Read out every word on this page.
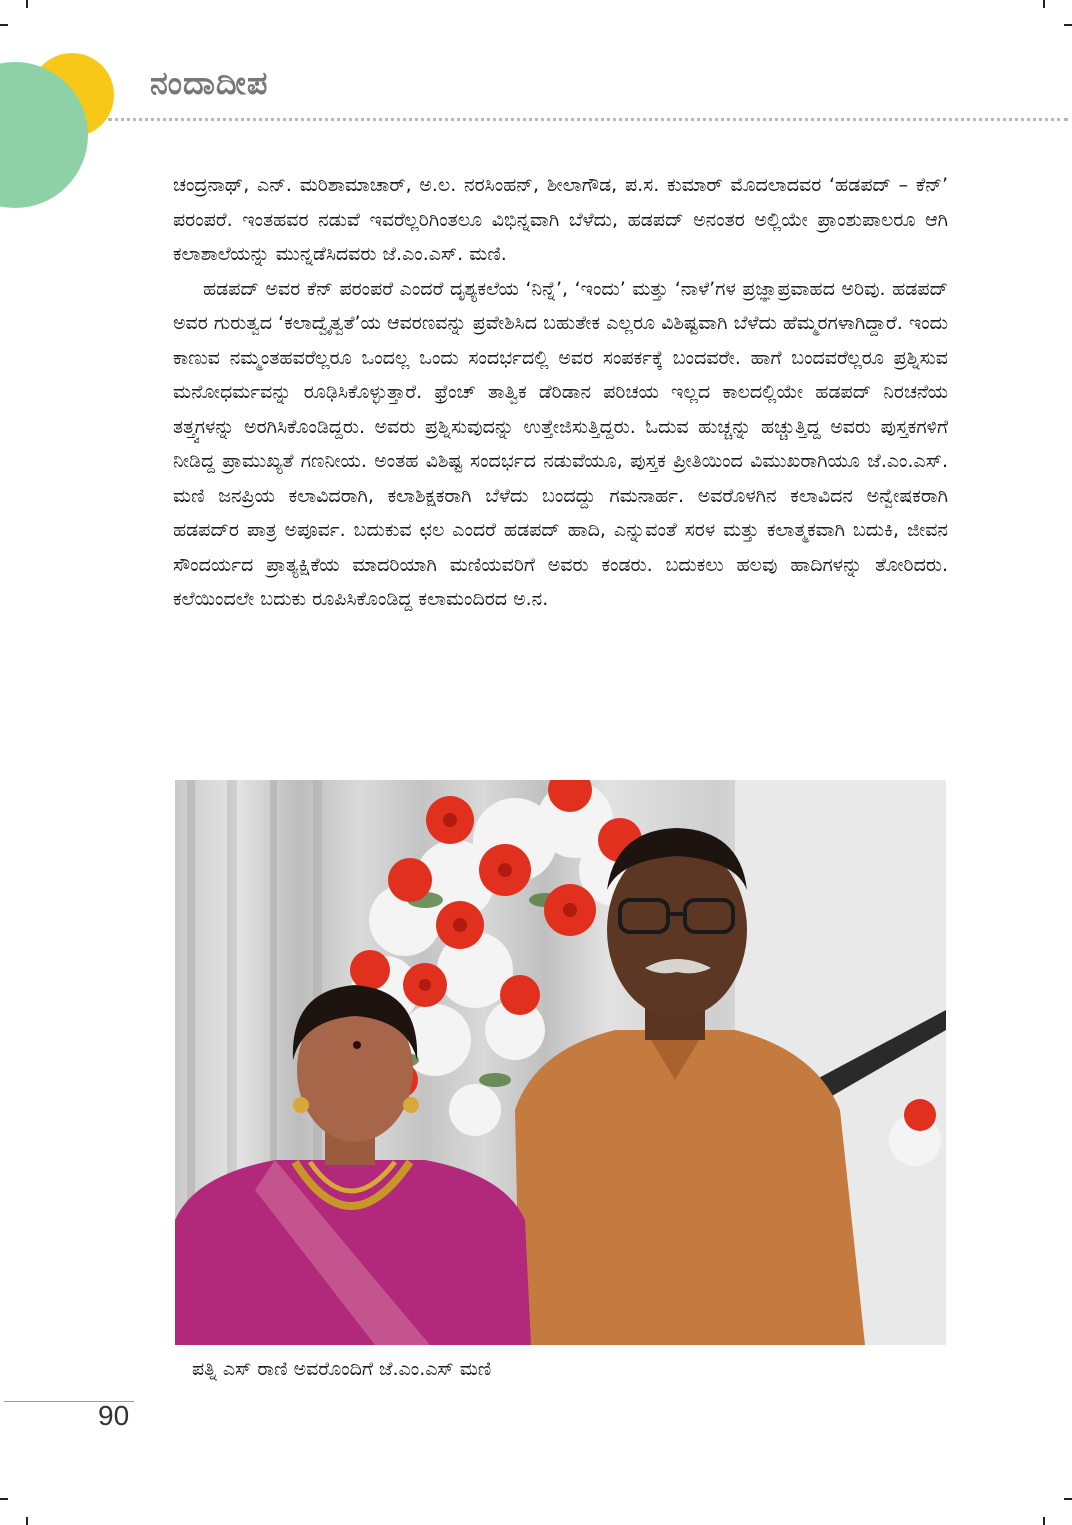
ನಂದಾದೀಪ

ಚಂದ್ರನಾಥ್, ಎನ್. ಮರಿಶಾಮಾಚಾರ್, ಅ.ಲ. ನರಸಿಂಹನ್, ಶೀಲಾಗೌಡ, ಪ.ಸ. ಕುಮಾರ್ ಮೊದಲಾದವರ ‘ಹಡಪದ್ – ಕೆನ್’ ಪರಂಪರೆ. ಇಂತಹವರ ನಡುವೆ ಇವರೆಲ್ಲರಿಗಿಂತಲೂ ವಿಭಿನ್ನವಾಗಿ ಬೆಳೆದು, ಹಡಪದ್ ಅನಂತರ ಅಲ್ಲಿಯೇ ಪ್ರಾಂಶುಪಾಲರೂ ಆಗಿ ಕಲಾಶಾಲೆಯನ್ನು ಮುನ್ನಡೆಸಿದವರು ಜೆ.ಎಂ.ಎಸ್. ಮಣಿ.

ಹಡಪದ್ ಅವರ ಕೆನ್ ಪರಂಪರೆ ಎಂದರೆ ದೃಶ್ಯಕಲೆಯ ‘ನಿನ್ನೆ’, ‘ಇಂದು’ ಮತ್ತು ‘ನಾಳೆ’ಗಳ ಪ್ರಜ್ಞಾಪ್ರವಾಹದ ಅರಿವು. ಹಡಪದ್ ಅವರ ಗುರುತ್ವದ ‘ಕಲಾದ್ವೈತ್ವತೆ’ಯ ಆವರಣವನ್ನು ಪ್ರವೇಶಿಸಿದ ಬಹುತೇಕ ಎಲ್ಲರೂ ವಿಶಿಷ್ಟವಾಗಿ ಬೆಳೆದು ಹೆಮ್ಮರಗಳಾಗಿದ್ದಾರೆ. ಇಂದು ಕಾಣುವ ನಮ್ಮಂತಹವರೆಲ್ಲರೂ ಒಂದಲ್ಲ ಒಂದು ಸಂದರ್ಭದಲ್ಲಿ ಅವರ ಸಂಪರ್ಕಕ್ಕೆ ಬಂದವರೇ. ಹಾಗೆ ಬಂದವರೆಲ್ಲರೂ ಪ್ರಶ್ನಿಸುವ ಮನೋಧರ್ಮವನ್ನು ರೂಢಿಸಿಕೊಳ್ಳುತ್ತಾರೆ. ಫ್ರೆಂಚ್ ತಾತ್ವಿಕ ಡೆರಿಡಾನ ಪರಿಚಯ ಇಲ್ಲದ ಕಾಲದಲ್ಲಿಯೇ ಹಡಪದ್ ನಿರಚನೆಯ ತತ್ತ್ವಗಳನ್ನು ಅರಗಿಸಿಕೊಂಡಿದ್ದರು. ಅವರು ಪ್ರಶ್ನಿಸುವುದನ್ನು ಉತ್ತೇಜಿಸುತ್ತಿದ್ದರು. ಓದುವ ಹುಚ್ಚನ್ನು ಹಚ್ಚುತ್ತಿದ್ದ ಅವರು ಪುಸ್ತಕಗಳಿಗೆ ನೀಡಿದ್ದ ಪ್ರಾಮುಖ್ಯತೆ ಗಣನೀಯ. ಅಂತಹ ವಿಶಿಷ್ಟ ಸಂದರ್ಭದ ನಡುವೆಯೂ, ಪುಸ್ತಕ ಪ್ರೀತಿಯಿಂದ ವಿಮುಖರಾಗಿಯೂ ಜೆ.ಎಂ.ಎಸ್. ಮಣಿ ಜನಪ್ರಿಯ ಕಲಾವಿದರಾಗಿ, ಕಲಾಶಿಕ್ಷಕರಾಗಿ ಬೆಳೆದು ಬಂದದ್ದು ಗಮನಾರ್ಹ. ಅವರೊಳಗಿನ ಕಲಾವಿದನ ಅನ್ವೇಷಕರಾಗಿ ಹಡಪದ್‌ರ ಪಾತ್ರ ಅಪೂರ್ವ. ಬದುಕುವ ಛಲ ಎಂದರೆ ಹಡಪದ್ ಹಾದಿ, ಎನ್ನುವಂತೆ ಸರಳ ಮತ್ತು ಕಲಾತ್ಮಕವಾಗಿ ಬದುಕಿ, ಜೀವನ ಸೌಂದರ್ಯದ ಪ್ರಾತ್ಯಕ್ಷಿಕೆಯ ಮಾದರಿಯಾಗಿ ಮಣಿಯವರಿಗೆ ಅವರು ಕಂಡರು. ಬದುಕಲು ಹಲವು ಹಾದಿಗಳನ್ನು ತೋರಿದರು. ಕಲೆಯಿಂದಲೇ ಬದುಕು ರೂಪಿಸಿಕೊಂಡಿದ್ದ ಕಲಾಮಂದಿರದ ಅ.ನ.

ಪತ್ನಿ ಎಸ್ ರಾಣಿ ಅವರೊಂದಿಗೆ ಜೆ.ಎಂ.ಎಸ್ ಮಣಿ
90
